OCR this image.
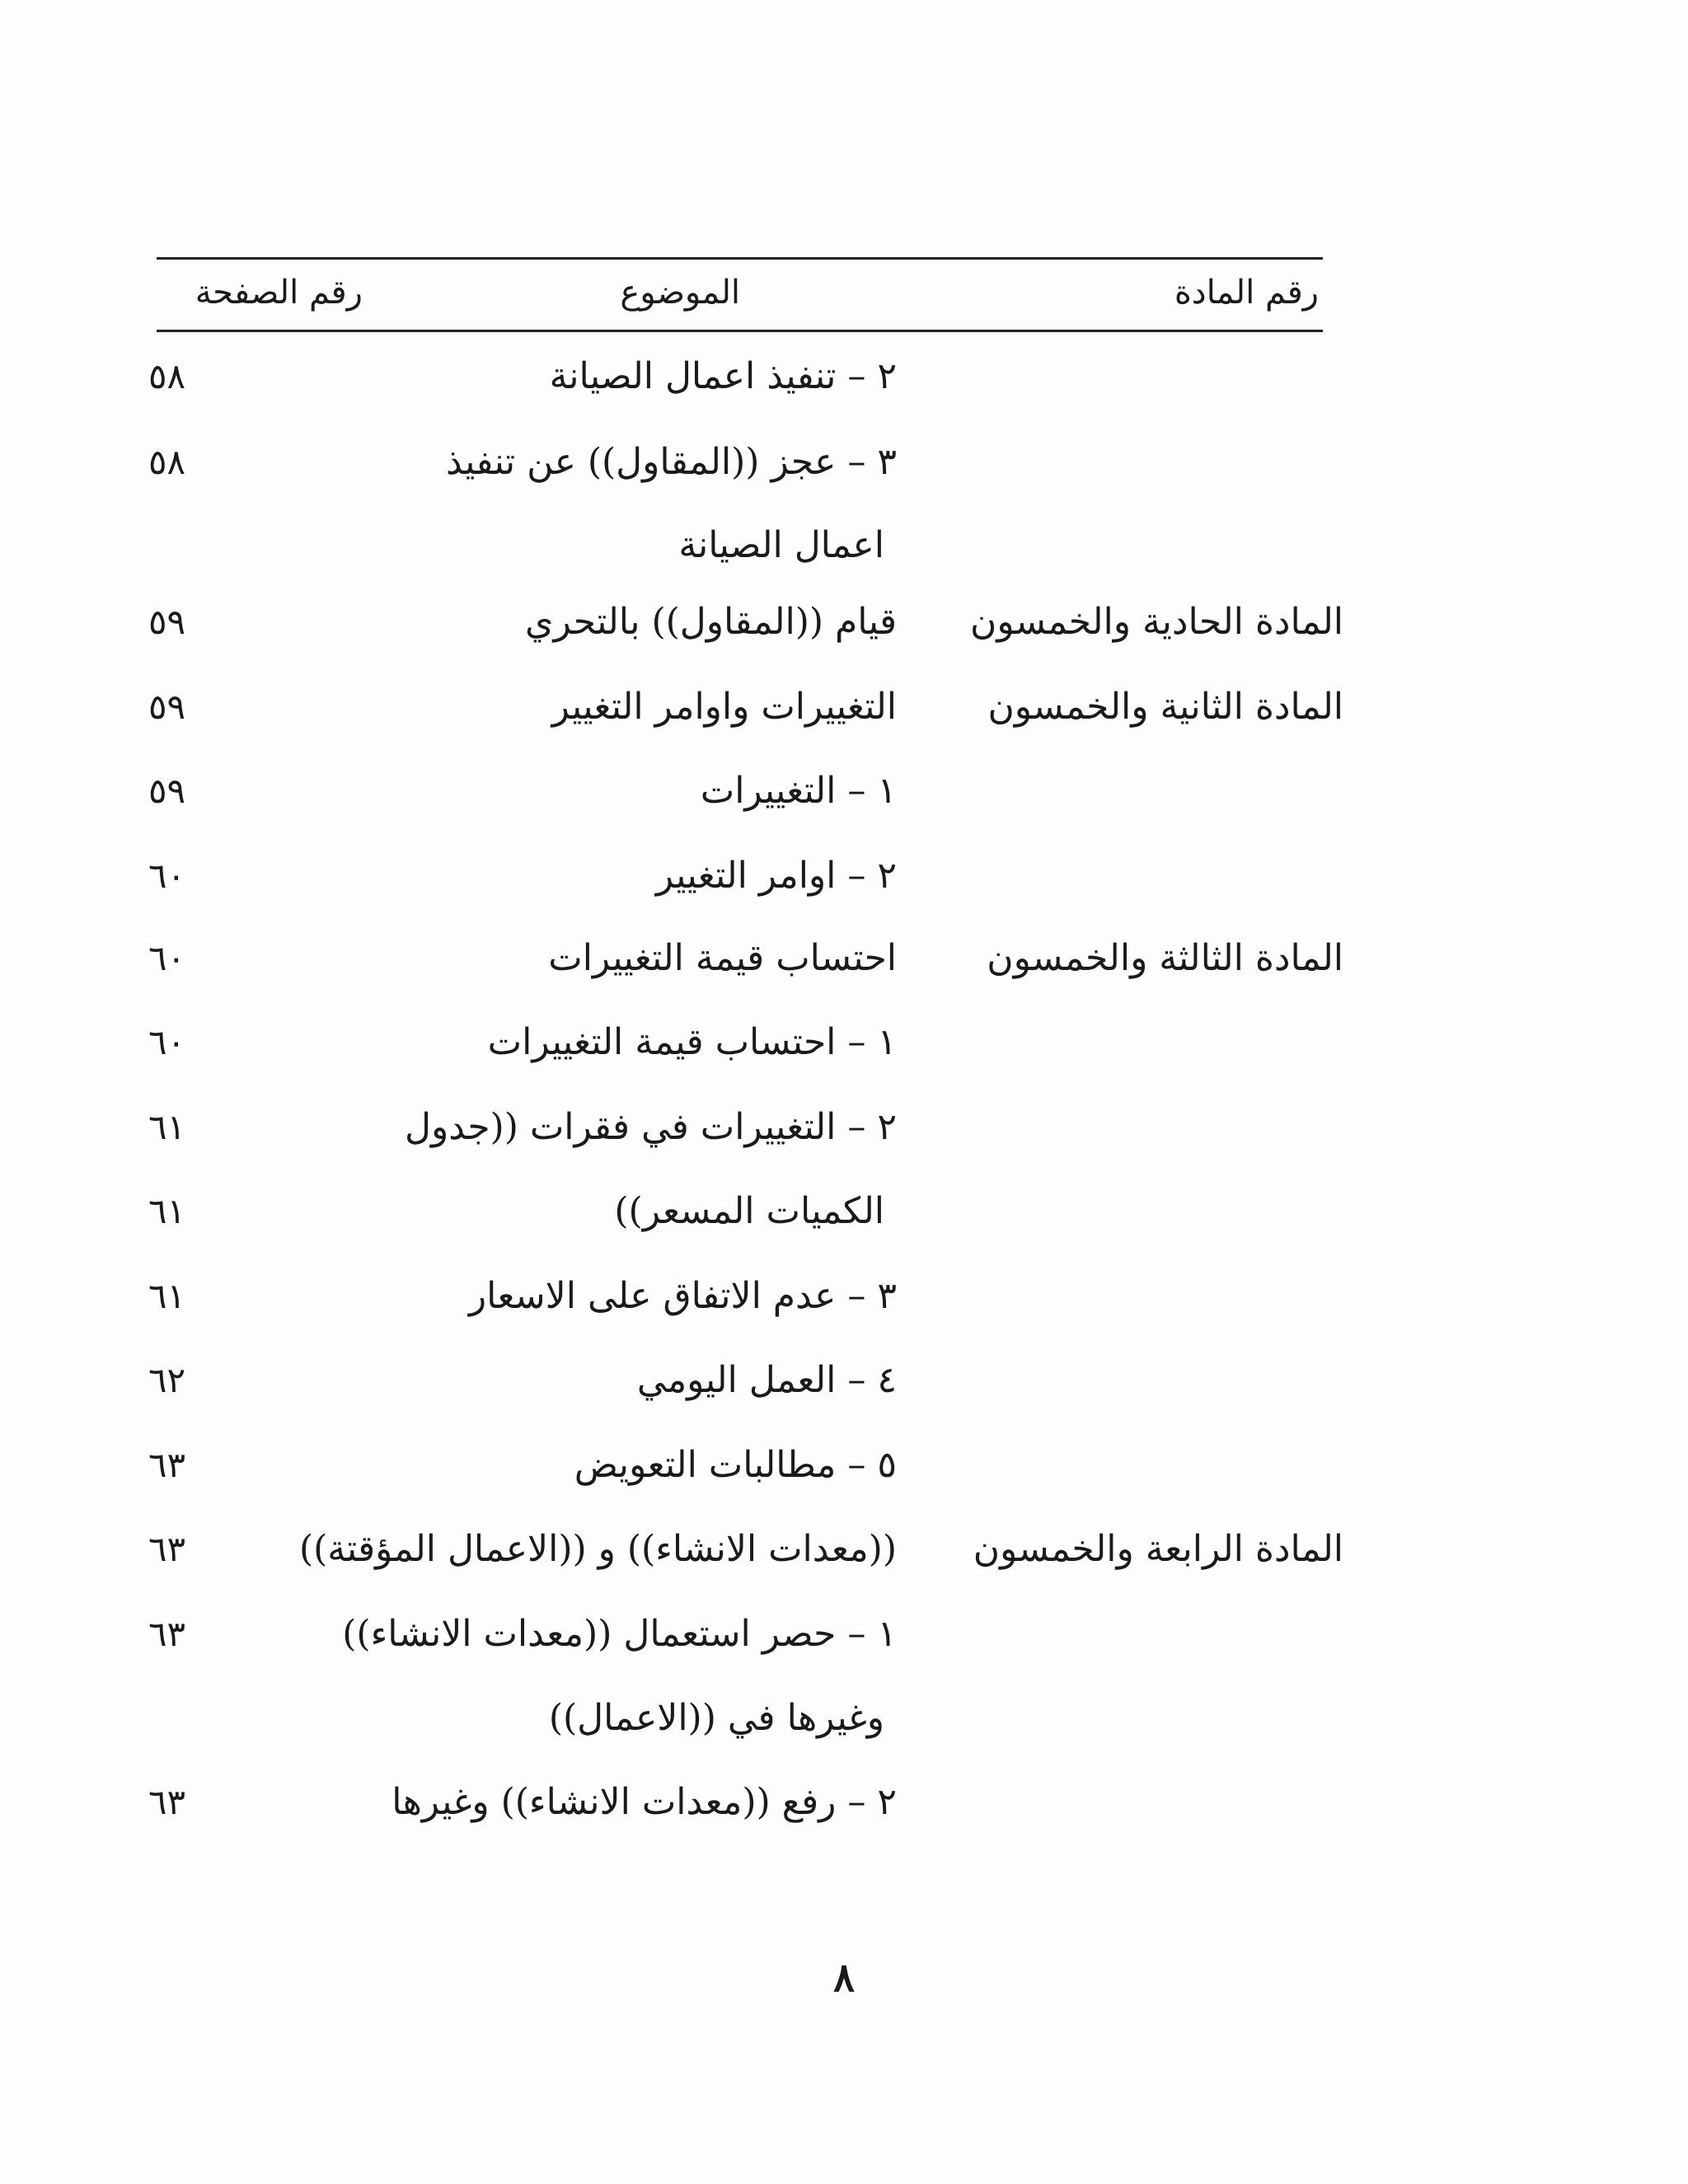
رقم المادة
الموضوع
رقم الصفحة
٢ – تنفيذ اعمال الصيانة
٥٨
٣ – عجز ((المقاول)) عن تنفيذ
٥٨
اعمال الصيانة
المادة الحادية والخمسون
قيام ((المقاول)) بالتحري
٥٩
المادة الثانية والخمسون
التغييرات واوامر التغيير
٥٩
١ – التغييرات
٥٩
٢ – اوامر التغيير
٦٠
المادة الثالثة والخمسون
احتساب قيمة التغييرات
٦٠
١ – احتساب قيمة التغييرات
٦٠
٢ – التغييرات في فقرات ((جدول
٦١
الكميات المسعر))
٦١
٣ – عدم الاتفاق على الاسعار
٦١
٤ – العمل اليومي
٦٢
٥ – مطالبات التعويض
٦٣
المادة الرابعة والخمسون
((معدات الانشاء)) و ((الاعمال المؤقتة))
٦٣
١ – حصر استعمال ((معدات الانشاء))
٦٣
وغيرها في ((الاعمال))
٢ – رفع ((معدات الانشاء)) وغيرها
٦٣
٨
